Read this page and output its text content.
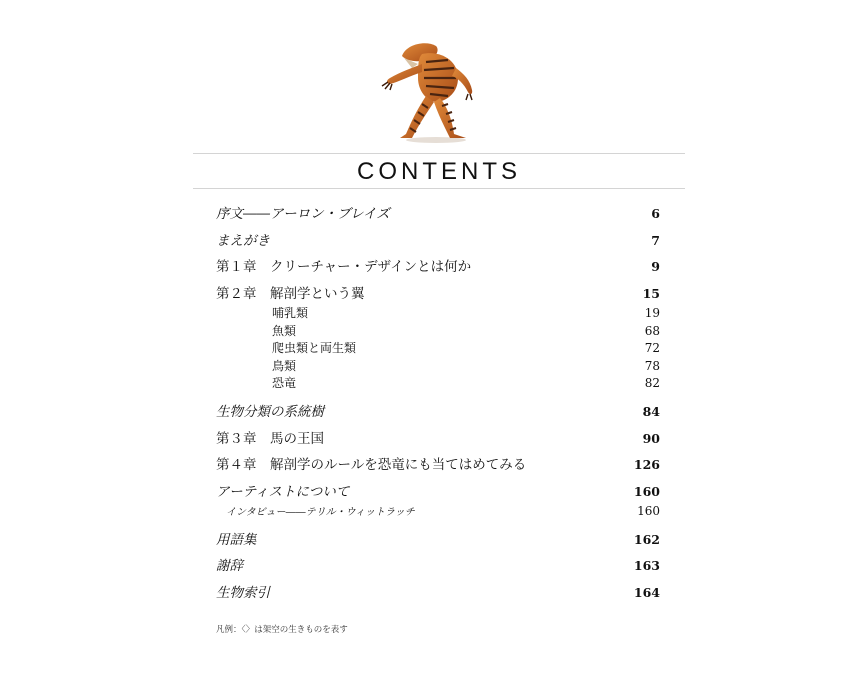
CONTENTS
序文――アーロン・ブレイズ	6
まえがき	7
第１章　クリーチャー・デザインとは何か	9
第２章　解剖学という翼	15
哺乳類	19
魚類	68
爬虫類と両生類	72
鳥類	78
恐竜	82
生物分類の系統樹	84
第３章　馬の王国	90
第４章　解剖学のルールを恐竜にも当てはめてみる	126
アーティストについて	160
インタビュー――テリル・ウィットラッチ	160
用語集	162
謝辞	163
生物索引	164
凡例：〈〉は架空の生きものを表す
